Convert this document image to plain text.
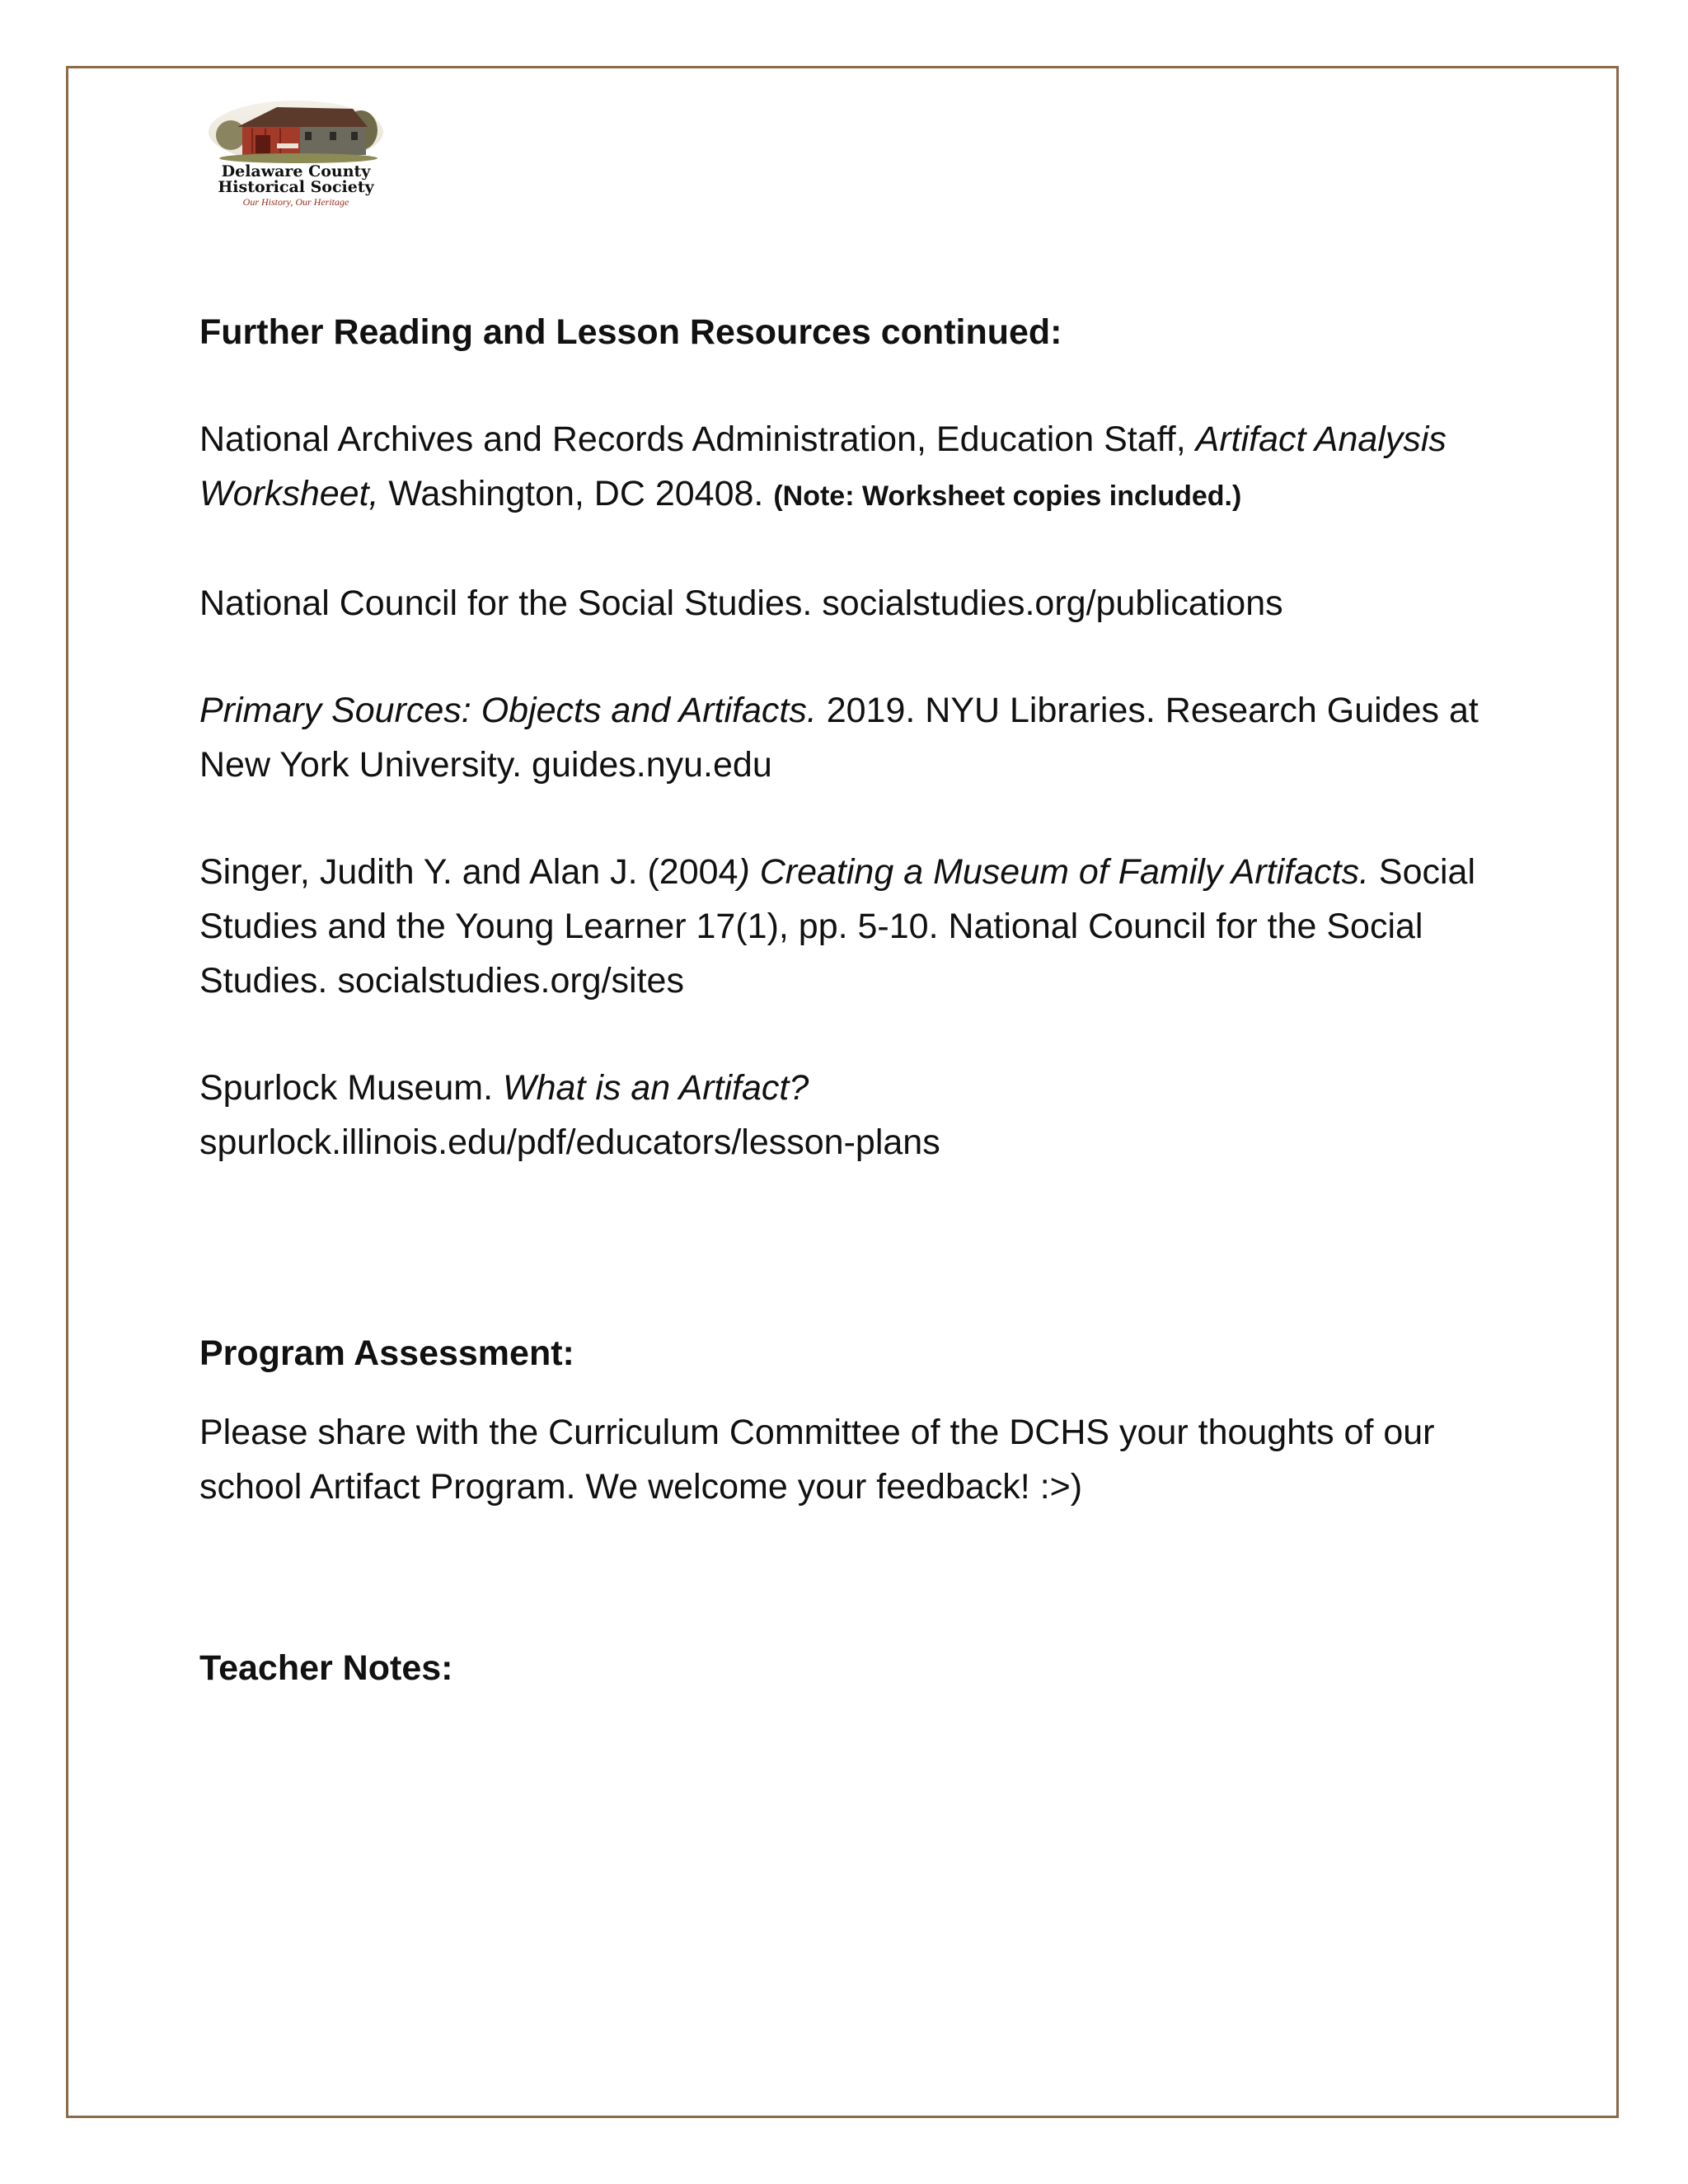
Delaware County
Historical Society
Our History, Our Heritage

Further Reading and Lesson Resources continued:

National Archives and Records Administration, Education Staff, Artifact Analysis Worksheet, Washington, DC 20408. (Note: Worksheet copies included.)

National Council for the Social Studies. socialstudies.org/publications

Primary Sources: Objects and Artifacts. 2019. NYU Libraries. Research Guides at New York University. guides.nyu.edu

Singer, Judith Y. and Alan J. (2004) Creating a Museum of Family Artifacts. Social Studies and the Young Learner 17(1), pp. 5-10. National Council for the Social Studies. socialstudies.org/sites

Spurlock Museum. What is an Artifact?
spurlock.illinois.edu/pdf/educators/lesson-plans

Program Assessment:

Please share with the Curriculum Committee of the DCHS your thoughts of our school Artifact Program. We welcome your feedback! :>)

Teacher Notes:
